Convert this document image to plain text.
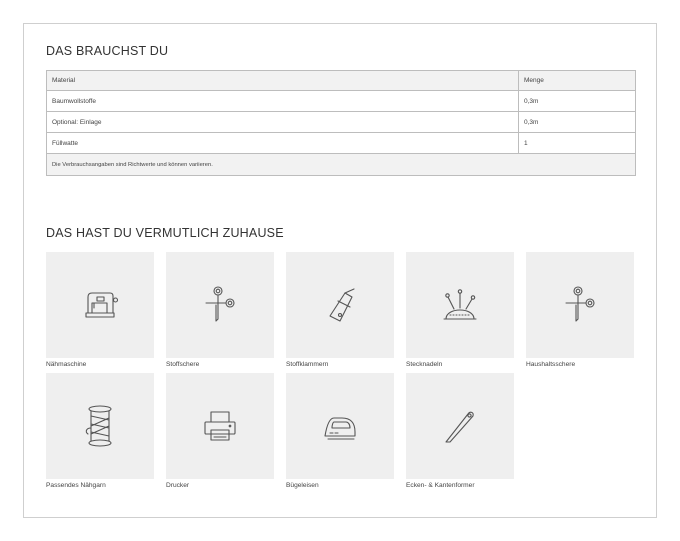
DAS BRAUCHST DU
Material	Menge
Baumwollstoffe	0,3m
Optional: Einlage	0,3m
Füllwatte	1
Die Verbrauchsangaben sind Richtwerte und können variieren.	
DAS HAST DU VERMUTLICH ZUHAUSE
Nähmaschine	Stoffschere	Stoffklammern	Stecknadeln	Haushaltsschere
Passendes Nähgarn	Drucker	Bügeleisen	Ecken- & Kantenformer
